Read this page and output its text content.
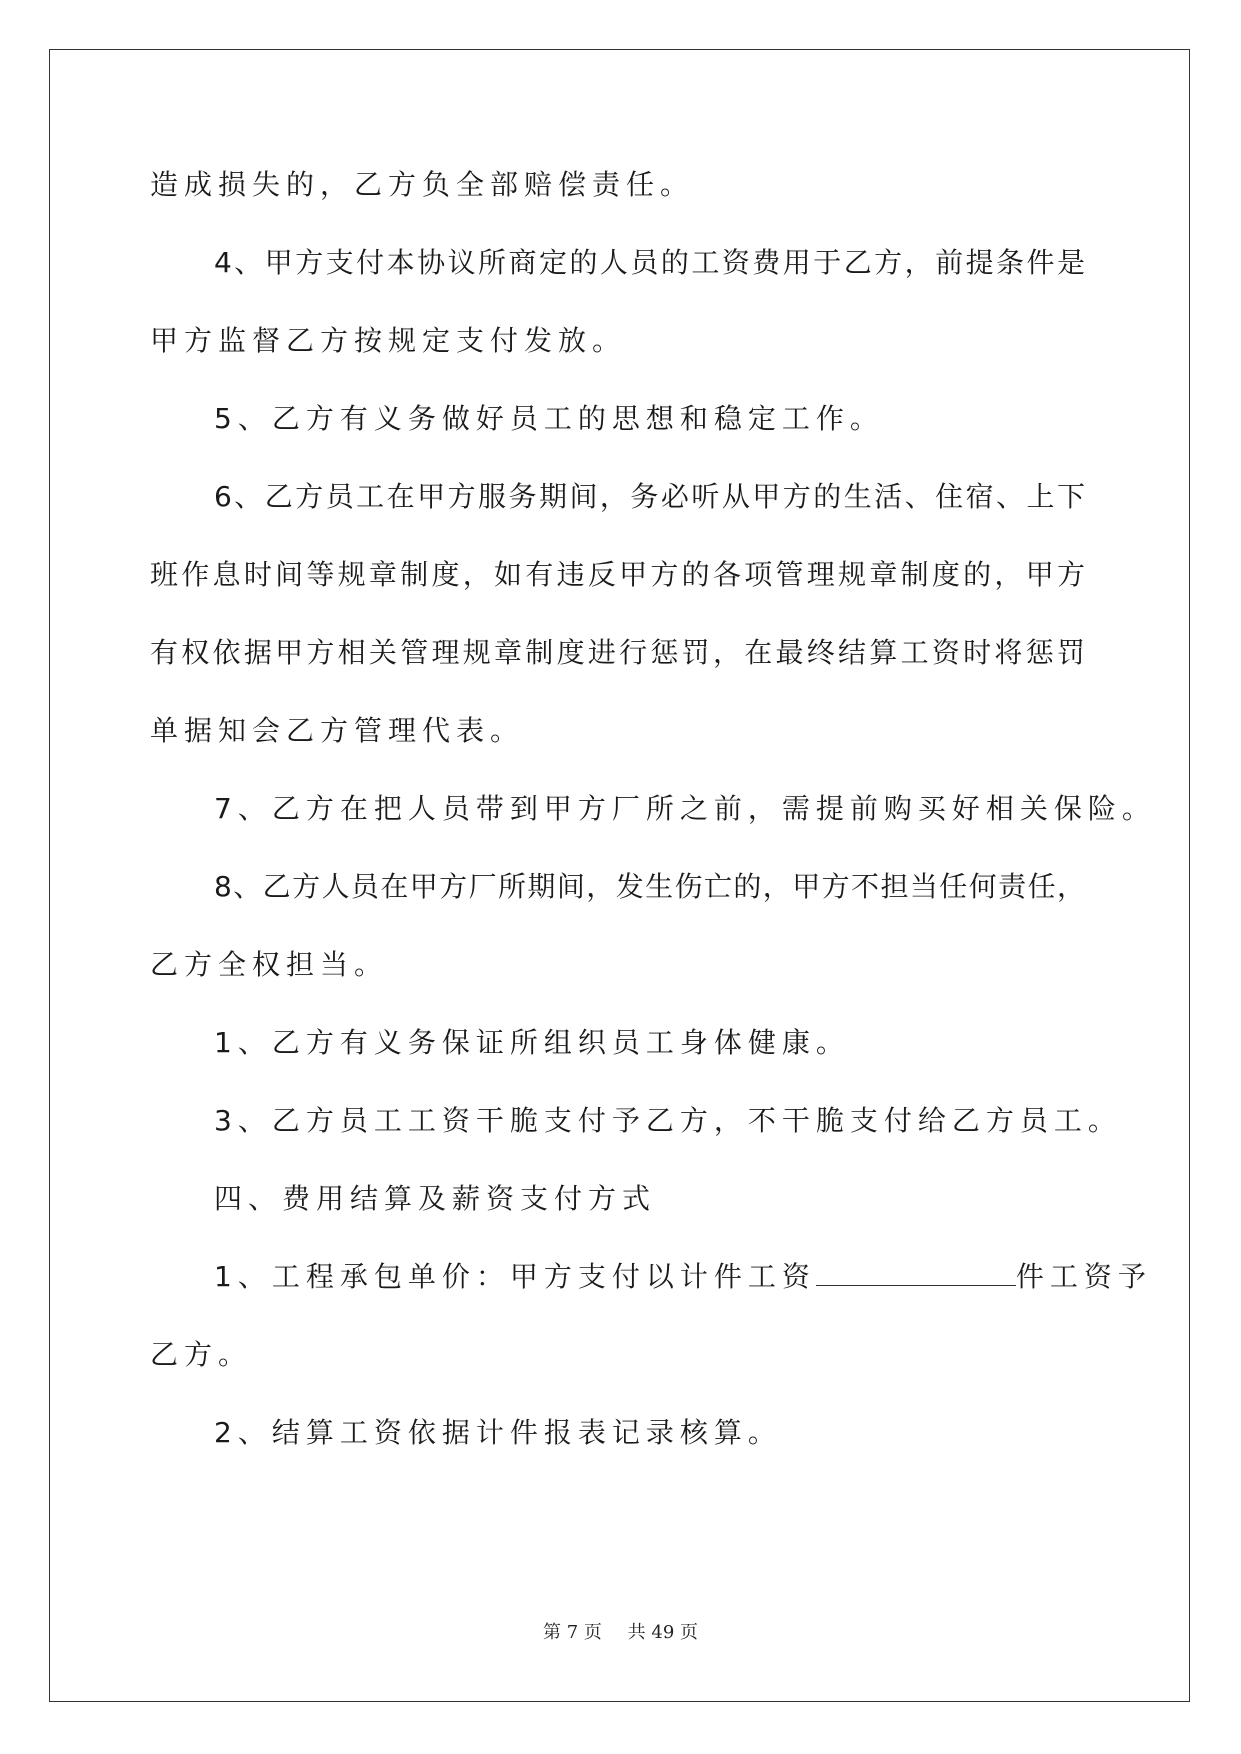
造成损失的，乙方负全部赔偿责任。
4、甲方支付本协议所商定的人员的工资费用于乙方，前提条件是
甲方监督乙方按规定支付发放。
5、乙方有义务做好员工的思想和稳定工作。
6、乙方员工在甲方服务期间，务必听从甲方的生活、住宿、上下
班作息时间等规章制度，如有违反甲方的各项管理规章制度的，甲方
有权依据甲方相关管理规章制度进行惩罚，在最终结算工资时将惩罚
单据知会乙方管理代表。
7、乙方在把人员带到甲方厂所之前，需提前购买好相关保险。
8、乙方人员在甲方厂所期间，发生伤亡的，甲方不担当任何责任，
乙方全权担当。
1、乙方有义务保证所组织员工身体健康。
3、乙方员工工资干脆支付予乙方，不干脆支付给乙方员工。
四、费用结算及薪资支付方式
1、工程承包单价：甲方支付以计件工资	件工资予
乙方。
2、结算工资依据计件报表记录核算。
第 7 页 共 49 页
